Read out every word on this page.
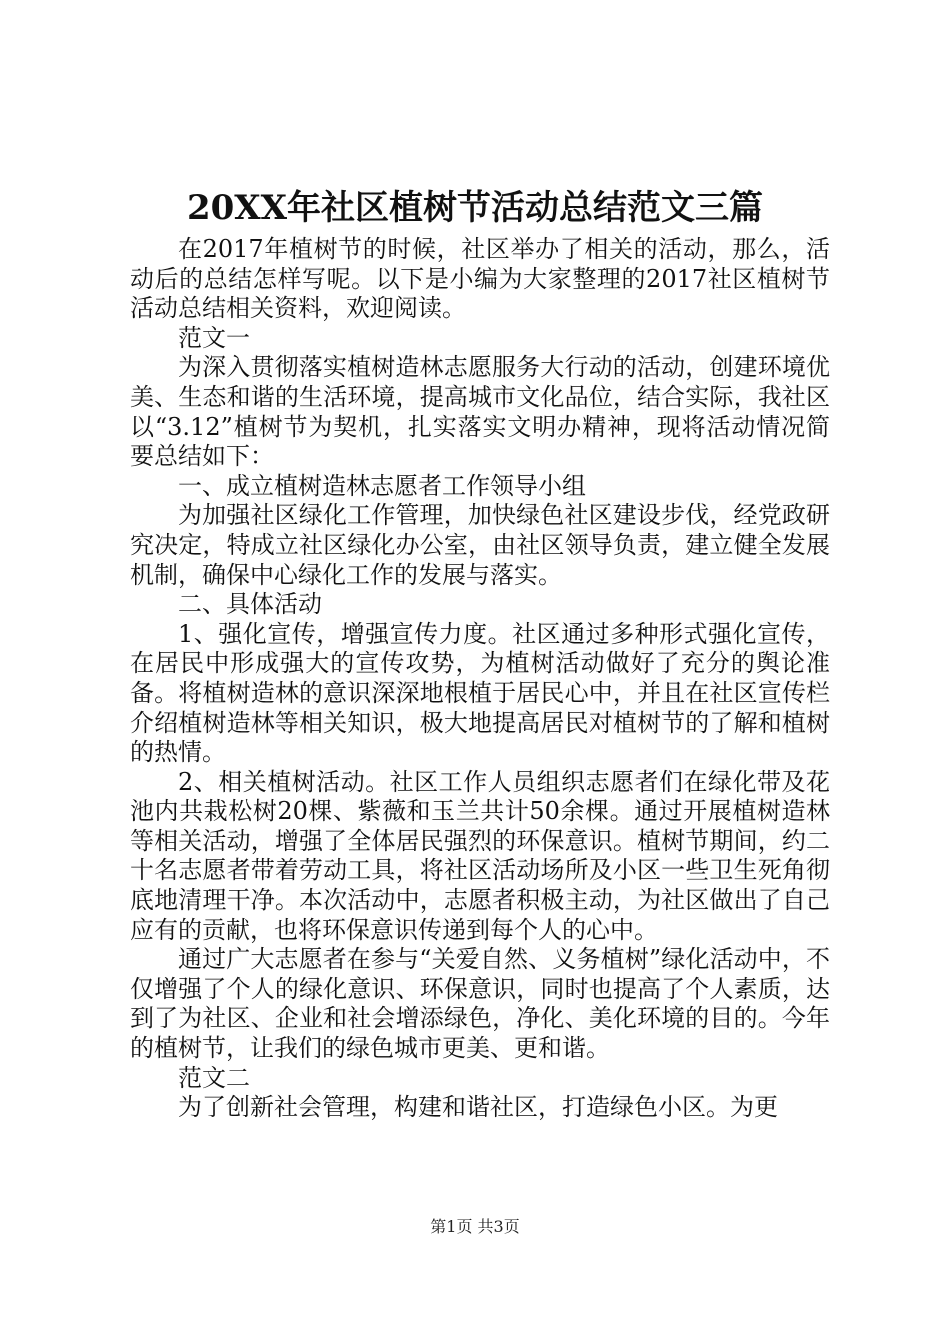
20XX年社区植树节活动总结范文三篇

在2017年植树节的时候，社区举办了相关的活动，那么，活动后的总结怎样写呢。以下是小编为大家整理的2017社区植树节活动总结相关资料，欢迎阅读。

范文一

为深入贯彻落实植树造林志愿服务大行动的活动，创建环境优美、生态和谐的生活环境，提高城市文化品位，结合实际，我社区以“3.12”植树节为契机，扎实落实文明办精神，现将活动情况简要总结如下：

一、成立植树造林志愿者工作领导小组

为加强社区绿化工作管理，加快绿色社区建设步伐，经党政研究决定，特成立社区绿化办公室，由社区领导负责，建立健全发展机制，确保中心绿化工作的发展与落实。

二、具体活动

1、强化宣传，增强宣传力度。社区通过多种形式强化宣传，在居民中形成强大的宣传攻势，为植树活动做好了充分的舆论准备。将植树造林的意识深深地根植于居民心中，并且在社区宣传栏介绍植树造林等相关知识，极大地提高居民对植树节的了解和植树的热情。

2、相关植树活动。社区工作人员组织志愿者们在绿化带及花池内共栽松树20棵、紫薇和玉兰共计50余棵。通过开展植树造林等相关活动，增强了全体居民强烈的环保意识。植树节期间，约二十名志愿者带着劳动工具，将社区活动场所及小区一些卫生死角彻底地清理干净。本次活动中，志愿者积极主动，为社区做出了自己应有的贡献，也将环保意识传递到每个人的心中。

通过广大志愿者在参与“关爱自然、义务植树”绿化活动中，不仅增强了个人的绿化意识、环保意识，同时也提高了个人素质，达到了为社区、企业和社会增添绿色，净化、美化环境的目的。今年的植树节，让我们的绿色城市更美、更和谐。

范文二

为了创新社会管理，构建和谐社区，打造绿色小区。为更

第1页 共3页
